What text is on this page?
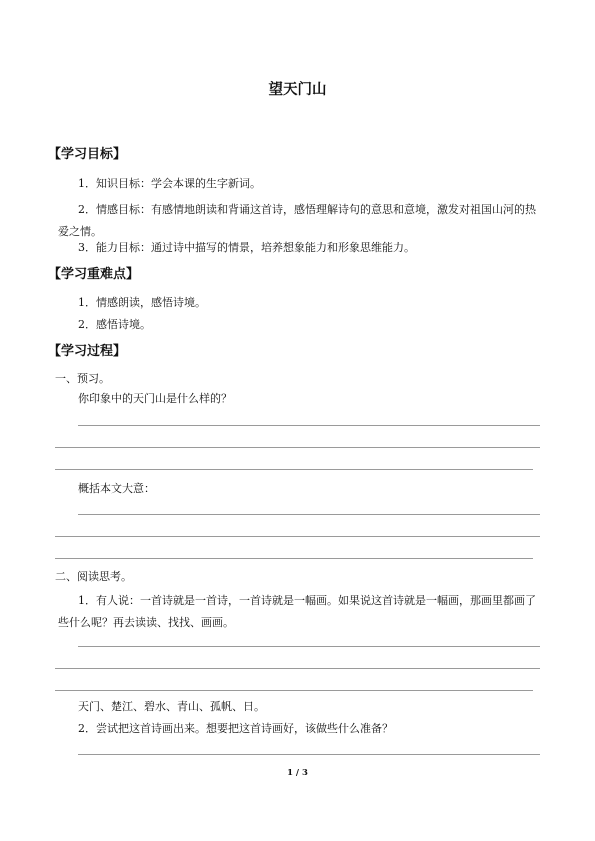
望天门山
【学习目标】
1．知识目标：学会本课的生字新词。
2．情感目标：有感情地朗读和背诵这首诗，感悟理解诗句的意思和意境，激发对祖国山河的热爱之情。
3．能力目标：通过诗中描写的情景，培养想象能力和形象思维能力。
【学习重难点】
1．情感朗读，感悟诗境。
2．感悟诗境。
【学习过程】
一、预习。
你印象中的天门山是什么样的？
概括本文大意：
二、阅读思考。
1．有人说：一首诗就是一首诗，一首诗就是一幅画。如果说这首诗就是一幅画，那画里都画了些什么呢？再去读读、找找、画画。
天门、楚江、碧水、青山、孤帆、日。
2．尝试把这首诗画出来。想要把这首诗画好，该做些什么准备？
1 / 3
